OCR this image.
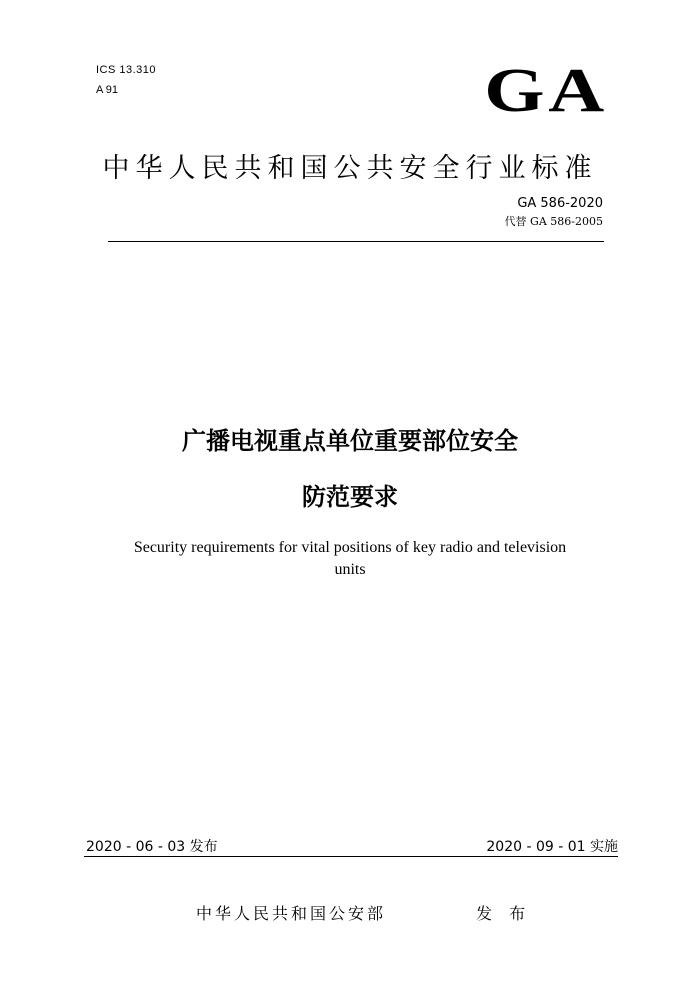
ICS 13.310
A 91	GA
中华人民共和国公共安全行业标准
GA 586-2020
代替 GA 586-2005
广播电视重点单位重要部位安全
防范要求
Security requirements for vital positions of key radio and television
units
2020 - 06 - 03 发布	2020 - 09 - 01 实施
中华人民共和国公安部	发 布
